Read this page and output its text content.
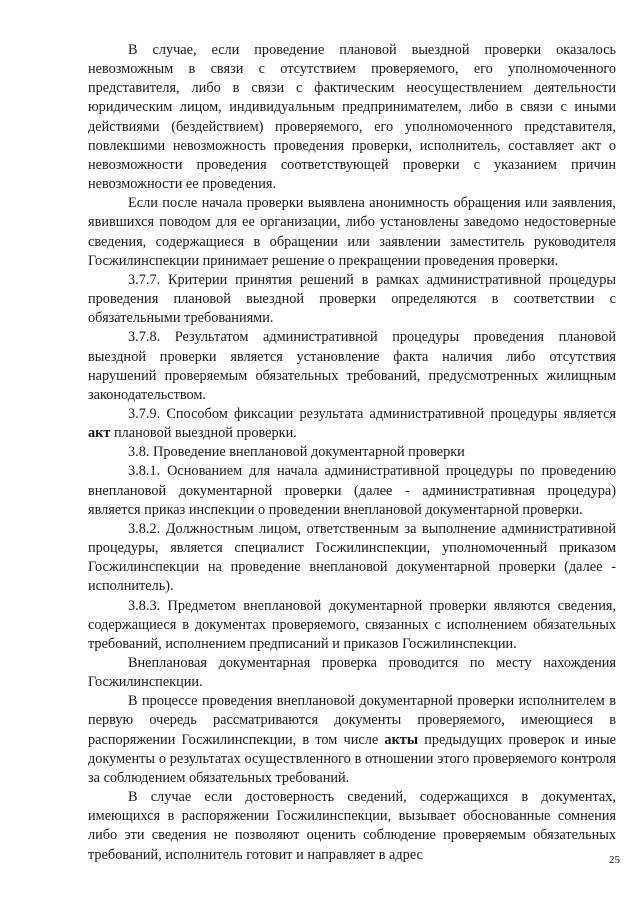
В случае, если проведение плановой выездной проверки оказалось невозможным в связи с отсутствием проверяемого, его уполномоченного представителя, либо в связи с фактическим неосуществлением деятельности юридическим лицом, индивидуальным предпринимателем, либо в связи с иными действиями (бездействием) проверяемого, его уполномоченного представителя, повлекшими невозможность проведения проверки, исполнитель, составляет акт о невозможности проведения соответствующей проверки с указанием причин невозможности ее проведения.

Если после начала проверки выявлена анонимность обращения или заявления, явившихся поводом для ее организации, либо установлены заведомо недостоверные сведения, содержащиеся в обращении или заявлении заместитель руководителя Госжилинспекции принимает решение о прекращении проведения проверки.

3.7.7. Критерии принятия решений в рамках административной процедуры проведения плановой выездной проверки определяются в соответствии с обязательными требованиями.

3.7.8. Результатом административной процедуры проведения плановой выездной проверки является установление факта наличия либо отсутствия нарушений проверяемым обязательных требований, предусмотренных жилищным законодательством.

3.7.9. Способом фиксации результата административной процедуры является акт плановой выездной проверки.

3.8. Проведение внеплановой документарной проверки

3.8.1. Основанием для начала административной процедуры по проведению внеплановой документарной проверки (далее - административная процедура) является приказ инспекции о проведении внеплановой документарной проверки.

3.8.2. Должностным лицом, ответственным за выполнение административной процедуры, является специалист Госжилинспекции, уполномоченный приказом Госжилинспекции на проведение внеплановой документарной проверки (далее - исполнитель).

3.8.3. Предметом внеплановой документарной проверки являются сведения, содержащиеся в документах проверяемого, связанных с исполнением обязательных требований, исполнением предписаний и приказов Госжилинспекции.

Внеплановая документарная проверка проводится по месту нахождения Госжилинспекции.

В процессе проведения внеплановой документарной проверки исполнителем в первую очередь рассматриваются документы проверяемого, имеющиеся в распоряжении Госжилинспекции, в том числе акты предыдущих проверок и иные документы о результатах осуществленного в отношении этого проверяемого контроля за соблюдением обязательных требований.

В случае если достоверность сведений, содержащихся в документах, имеющихся в распоряжении Госжилинспекции, вызывает обоснованные сомнения либо эти сведения не позволяют оценить соблюдение проверяемым обязательных требований, исполнитель готовит и направляет в адрес	25
